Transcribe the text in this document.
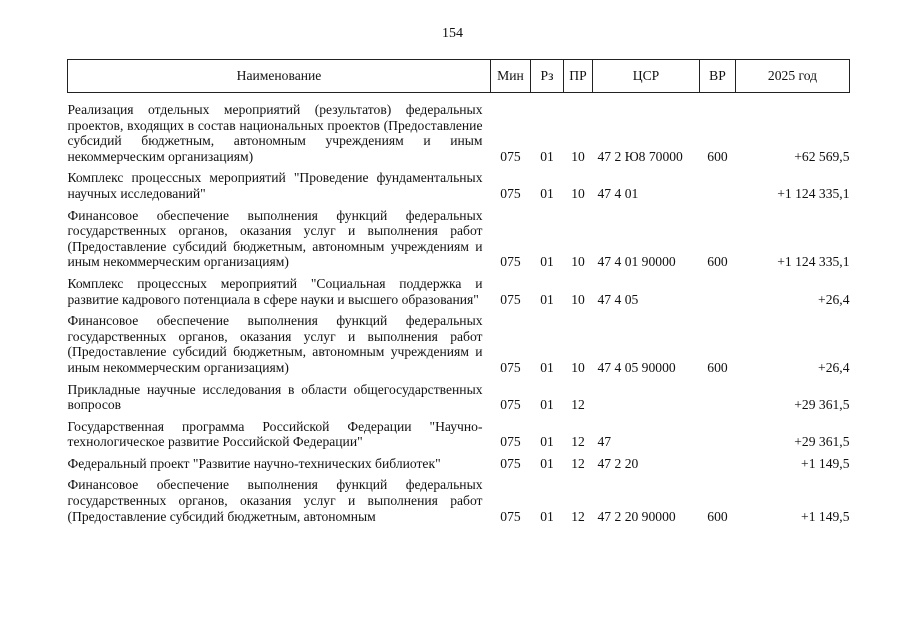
154
Наименование	Мин	Рз	ПР	ЦСР	ВР	2025 год
Реализация отдельных мероприятий (результатов) федеральных проектов, входящих в состав национальных проектов (Предоставление субсидий бюджетным, автономным учреждениям и иным некоммерческим организациям)	075	01	10	47 2 Ю8 70000	600	+62 569,5
Комплекс процессных мероприятий "Проведение фундаментальных научных исследований"	075	01	10	47 4 01		+1 124 335,1
Финансовое обеспечение выполнения функций федеральных государственных органов, оказания услуг и выполнения работ (Предоставление субсидий бюджетным, автономным учреждениям и иным некоммерческим организациям)	075	01	10	47 4 01 90000	600	+1 124 335,1
Комплекс процессных мероприятий "Социальная поддержка и развитие кадрового потенциала в сфере науки и высшего образования"	075	01	10	47 4 05		+26,4
Финансовое обеспечение выполнения функций федеральных государственных органов, оказания услуг и выполнения работ (Предоставление субсидий бюджетным, автономным учреждениям и иным некоммерческим организациям)	075	01	10	47 4 05 90000	600	+26,4
Прикладные научные исследования в области общегосударственных вопросов	075	01	12			+29 361,5
Государственная программа Российской Федерации "Научно-технологическое развитие Российской Федерации"	075	01	12	47		+29 361,5
Федеральный проект "Развитие научно-технических библиотек"	075	01	12	47 2 20		+1 149,5
Финансовое обеспечение выполнения функций федеральных государственных органов, оказания услуг и выполнения работ (Предоставление субсидий бюджетным, автономным	075	01	12	47 2 20 90000	600	+1 149,5
